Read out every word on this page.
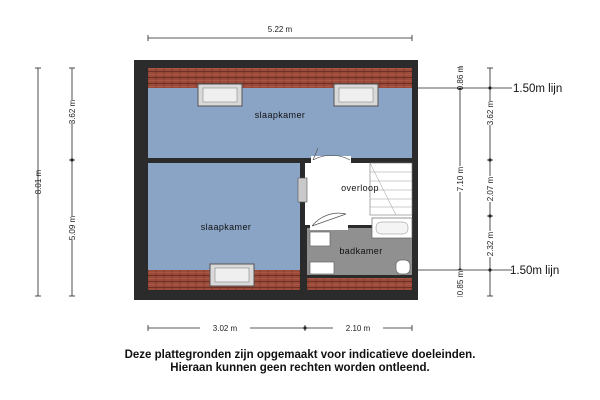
5.22 m
8.01 m
3.62 m
5.09 m
0.86 m
7.10 m
0.85 m
3.62 m
2.07 m
2.32 m
1.50m lijn
1.50m lijn
3.02 m	2.10 m
slaapkamer
slaapkamer
overloop
badkamer
Deze plattegronden zijn opgemaakt voor indicatieve doeleinden.
Hieraan kunnen geen rechten worden ontleend.
